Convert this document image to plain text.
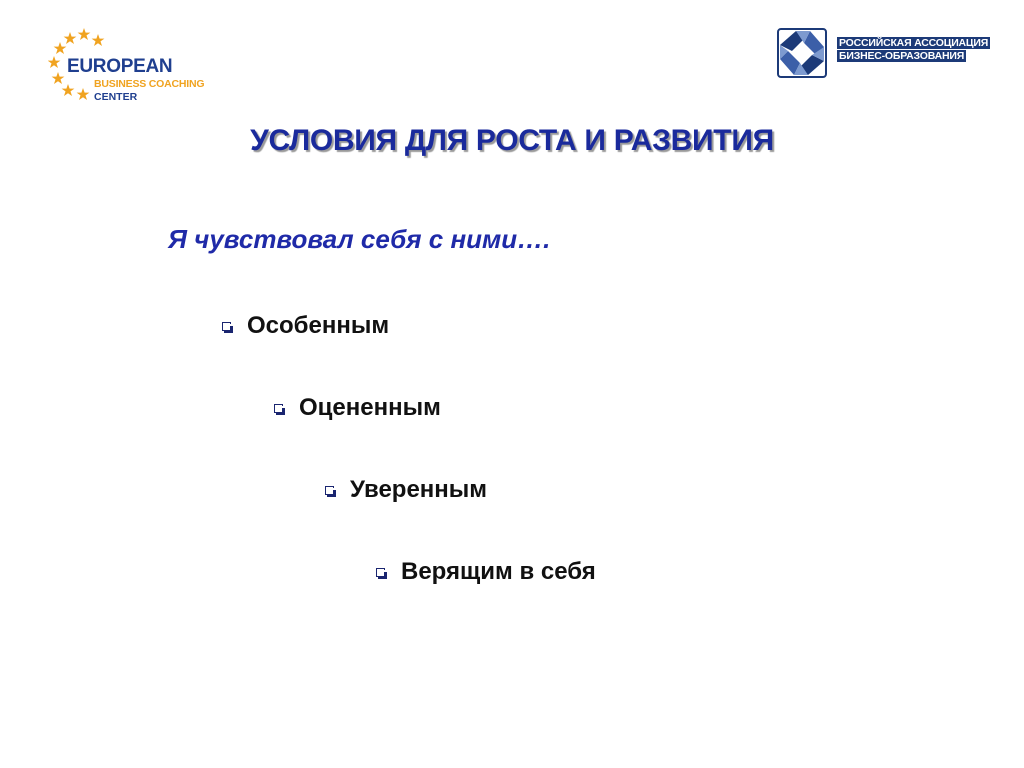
EUROPEAN
BUSINESS COACHING
CENTER
РОССИЙСКАЯ АССОЦИАЦИЯ
БИЗНЕС-ОБРАЗОВАНИЯ
УСЛОВИЯ ДЛЯ РОСТА И РАЗВИТИЯ
Я чувствовал себя с ними….
Особенным
Оцененным
Уверенным
Верящим в себя
